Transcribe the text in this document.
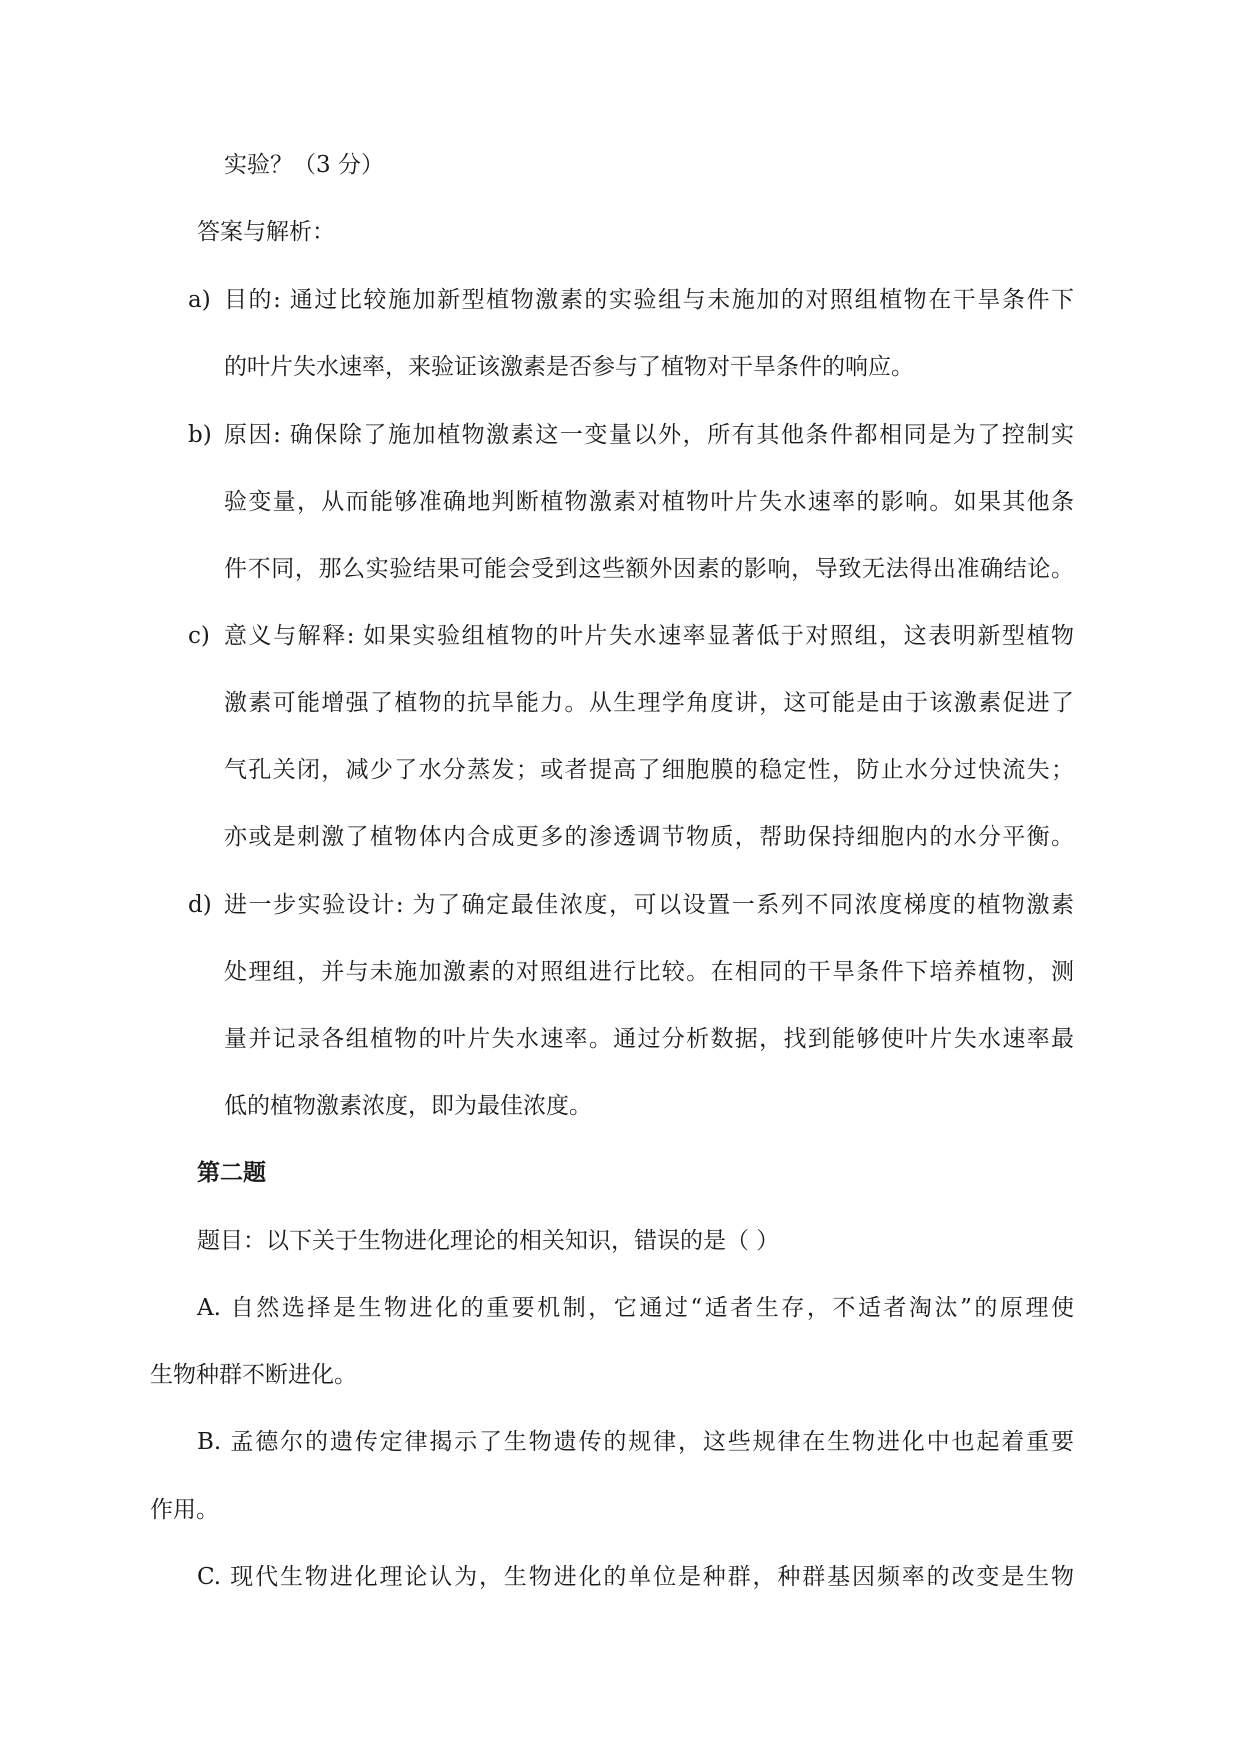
实验？（3 分）
答案与解析：
a) 目的: 通过比较施加新型植物激素的实验组与未施加的对照组植物在干旱条件下
的叶片失水速率，来验证该激素是否参与了植物对干旱条件的响应。
b) 原因: 确保除了施加植物激素这一变量以外，所有其他条件都相同是为了控制实
验变量，从而能够准确地判断植物激素对植物叶片失水速率的影响。如果其他条
件不同，那么实验结果可能会受到这些额外因素的影响，导致无法得出准确结论。
c) 意义与解释: 如果实验组植物的叶片失水速率显著低于对照组，这表明新型植物
激素可能增强了植物的抗旱能力。从生理学角度讲，这可能是由于该激素促进了
气孔关闭，减少了水分蒸发；或者提高了细胞膜的稳定性，防止水分过快流失；
亦或是刺激了植物体内合成更多的渗透调节物质，帮助保持细胞内的水分平衡。
d) 进一步实验设计: 为了确定最佳浓度，可以设置一系列不同浓度梯度的植物激素
处理组，并与未施加激素的对照组进行比较。在相同的干旱条件下培养植物，测
量并记录各组植物的叶片失水速率。通过分析数据，找到能够使叶片失水速率最
低的植物激素浓度，即为最佳浓度。
第二题
题目：以下关于生物进化理论的相关知识，错误的是（ ）
A. 自然选择是生物进化的重要机制，它通过“适者生存，不适者淘汰”的原理使
生物种群不断进化。
B. 孟德尔的遗传定律揭示了生物遗传的规律，这些规律在生物进化中也起着重要
作用。
C. 现代生物进化理论认为，生物进化的单位是种群，种群基因频率的改变是生物
